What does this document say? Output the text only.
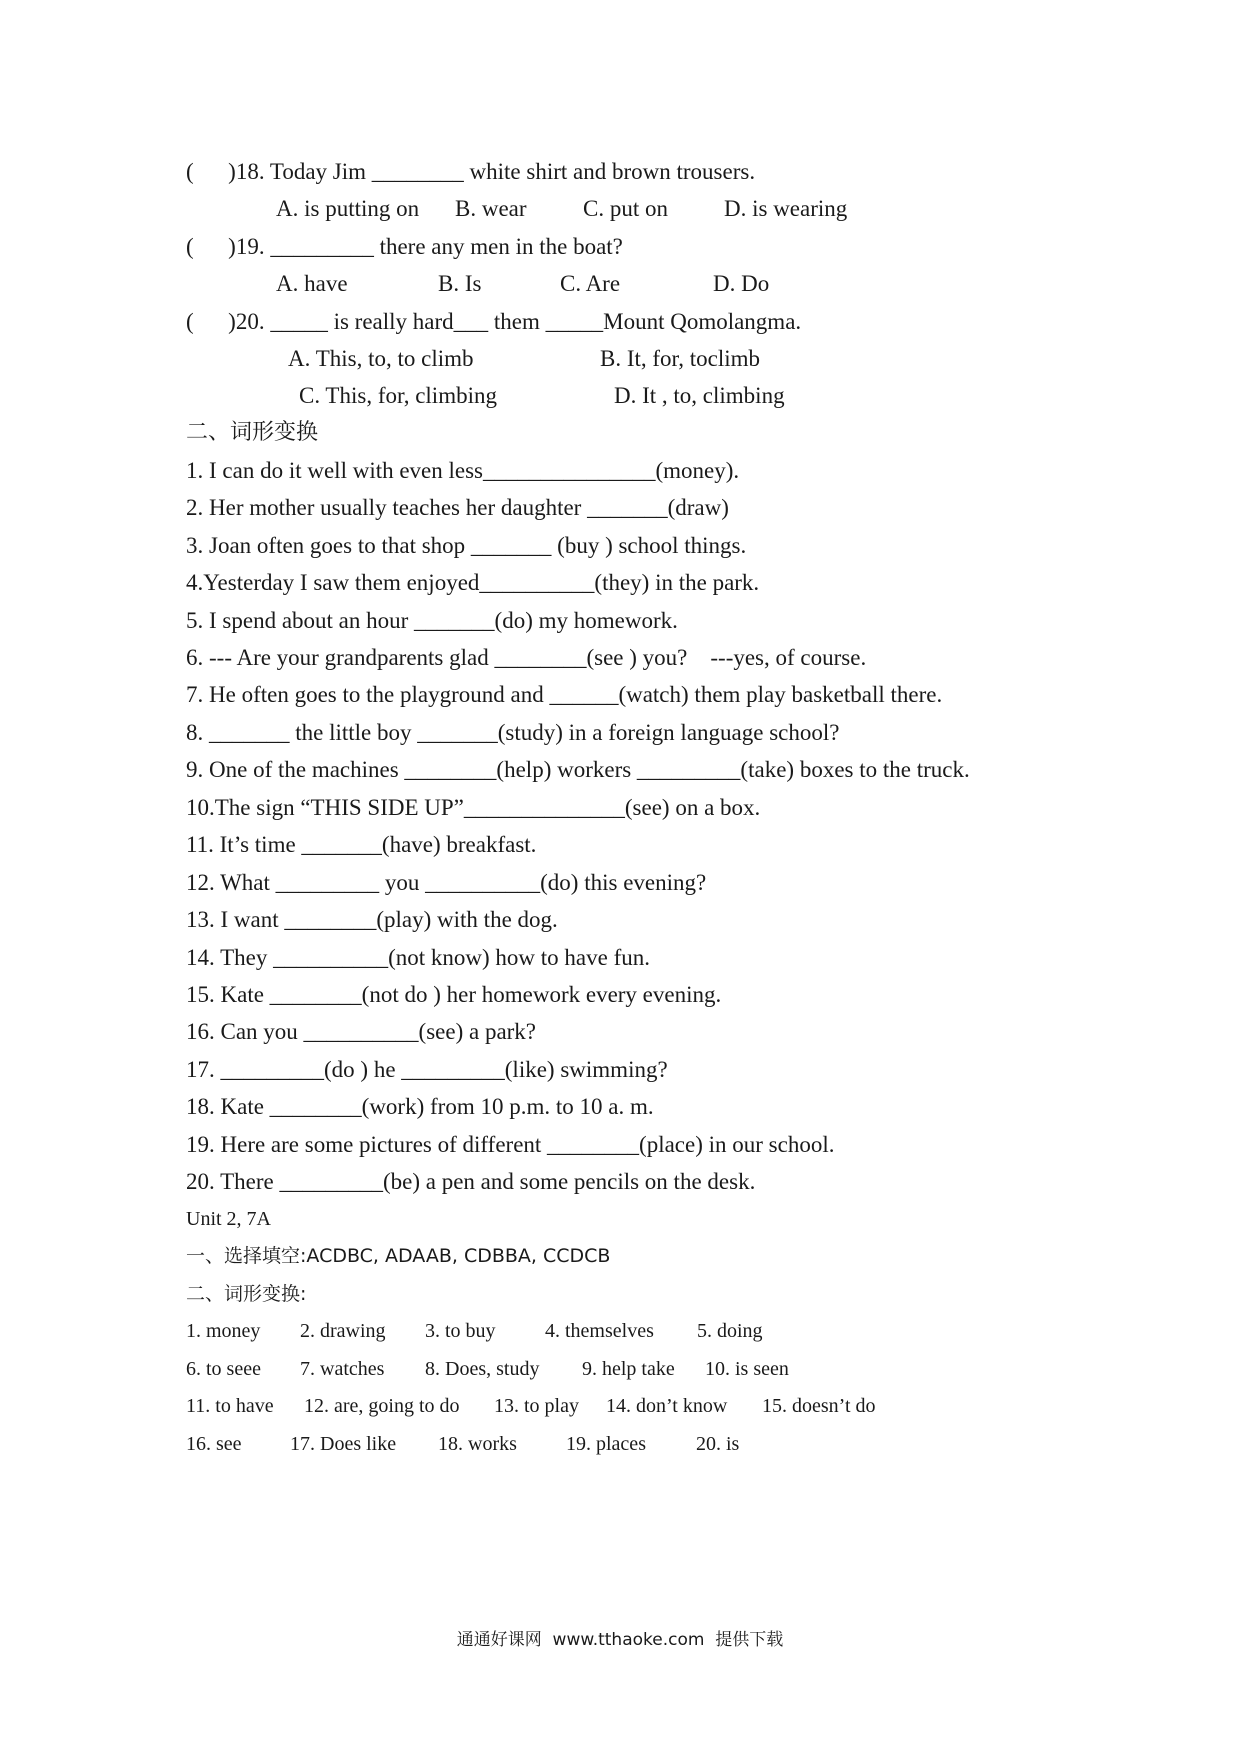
(      )18. Today Jim ________ white shirt and brown trousers.
A. is putting on B. wear C. put on D. is wearing
(      )19. _________ there any men in the boat?
A. have	B. Is	C. Are	D. Do
(      )20. _____ is really hard___ them _____Mount Qomolangma.
A. This, to, to climb	B. It, for, toclimb
C. This, for, climbing	D. It , to, climbing
二、词形变换
1. I can do it well with even less_______________(money).
2. Her mother usually teaches her daughter _______(draw)
3. Joan often goes to that shop _______ (buy ) school things.
4.Yesterday I saw them enjoyed__________(they) in the park.
5. I spend about an hour _______(do) my homework.
6. --- Are your grandparents glad ________(see ) you?    ---yes, of course.
7. He often goes to the playground and ______(watch) them play basketball there.
8. _______ the little boy _______(study) in a foreign language school?
9. One of the machines ________(help) workers _________(take) boxes to the truck.
10.The sign “THIS SIDE UP”______________(see) on a box.
11. It’s time _______(have) breakfast.
12. What _________ you __________(do) this evening?
13. I want ________(play) with the dog.
14. They __________(not know) how to have fun.
15. Kate ________(not do ) her homework every evening.
16. Can you __________(see) a park?
17. _________(do ) he _________(like) swimming?
18. Kate ________(work) from 10 p.m. to 10 a. m.
19. Here are some pictures of different ________(place) in our school.
20. There _________(be) a pen and some pencils on the desk.
Unit 2, 7A
一、选择填空:ACDBC, ADAAB, CDBBA, CCDCB
二、词形变换:
1. money 2. drawing 3. to buy 4. themselves 5. doing
6. to seee 7. watches 8. Does, study 9. help take 10. is seen
11. to have 12. are, going to do 13. to play 14. don’t know 15. doesn’t do
16. see 17. Does like 18. works 19. places	20. is
通通好课网  www.tthaoke.com  提供下载
